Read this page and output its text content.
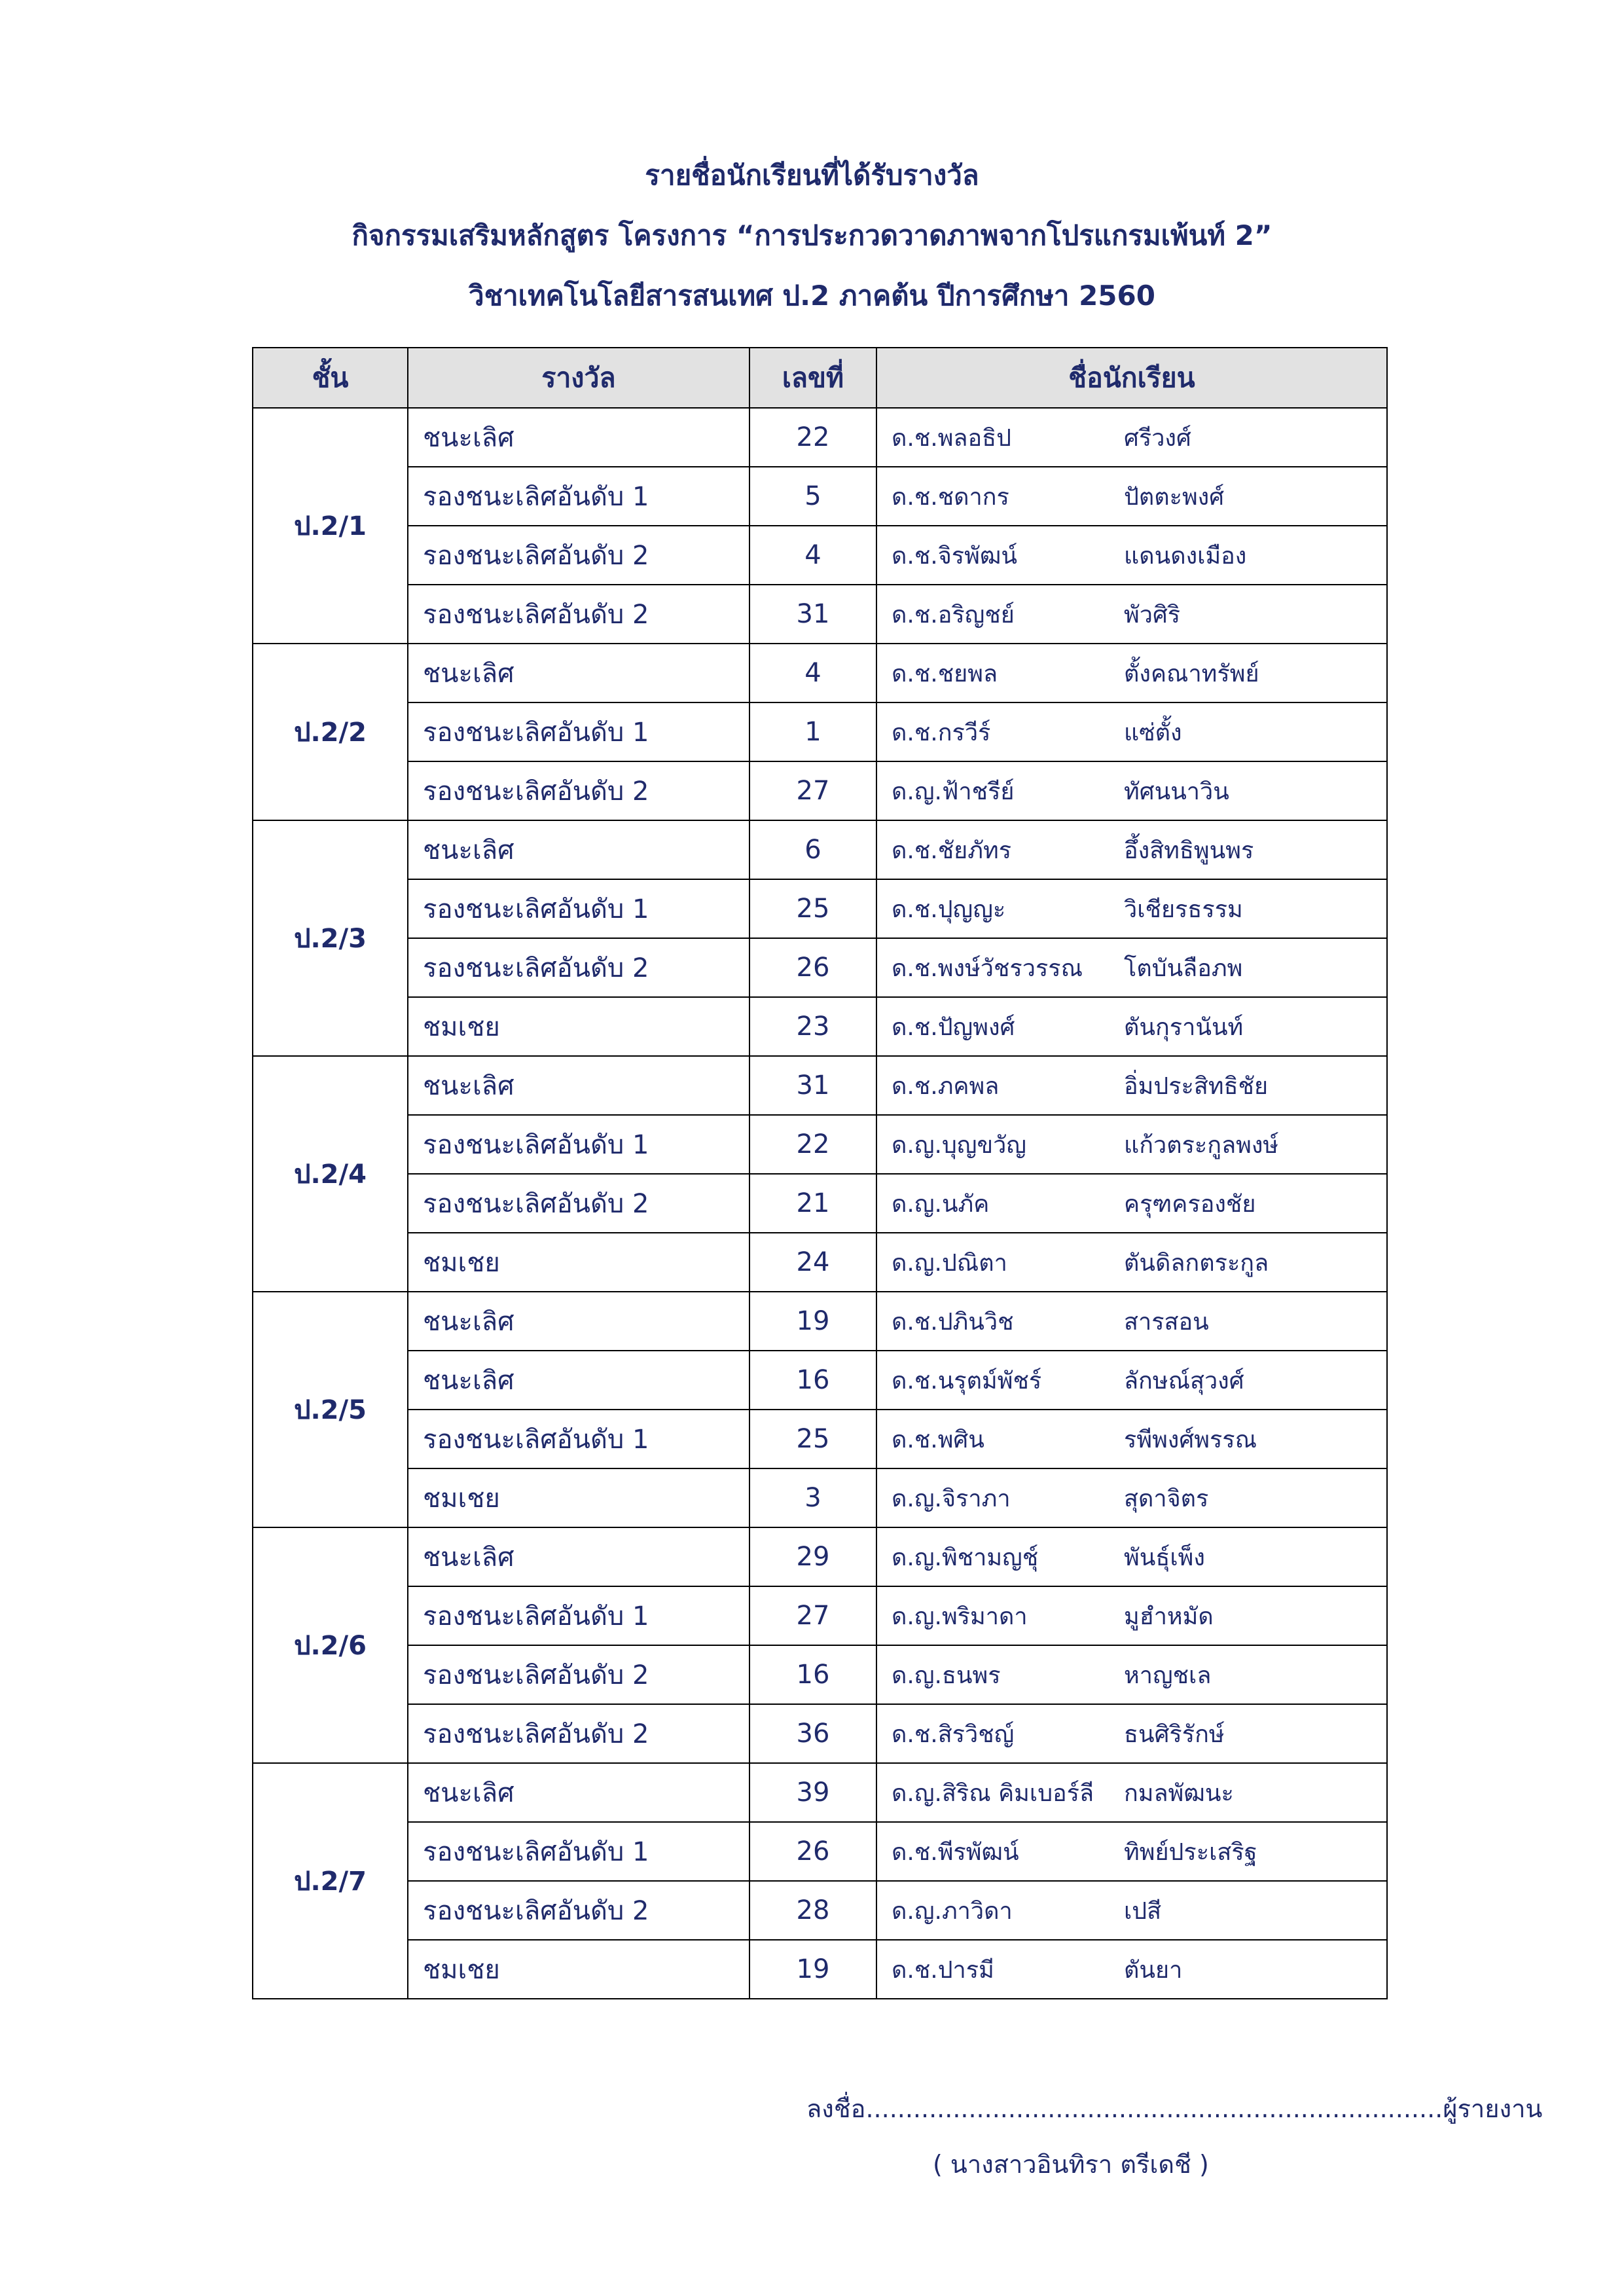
รายชื่อนักเรียนที่ได้รับรางวัล
กิจกรรมเสริมหลักสูตร โครงการ “การประกวดวาดภาพจากโปรแกรมเพ้นท์ 2”
วิชาเทคโนโลยีสารสนเทศ ป.2 ภาคต้น ปีการศึกษา 2560
ชั้น	รางวัล	เลขที่	ชื่อนักเรียน
ป.2/1	ชนะเลิศ	22	ด.ช.พลอธิป ศรีวงศ์

	รองชนะเลิศอันดับ 1	5	ด.ช.ชดากร ปัตตะพงศ์

	รองชนะเลิศอันดับ 2	4	ด.ช.จิรพัฒน์ แดนดงเมือง

	รองชนะเลิศอันดับ 2	31	ด.ช.อริญชย์ พัวศิริ

ป.2/2	ชนะเลิศ	4	ด.ช.ชยพล ตั้งคณาทรัพย์

	รองชนะเลิศอันดับ 1	1	ด.ช.กรวีร์ แซ่ตั้ง

	รองชนะเลิศอันดับ 2	27	ด.ญ.ฟ้าชรีย์ ทัศนนาวิน

ป.2/3	ชนะเลิศ	6	ด.ช.ชัยภัทร อึ้งสิทธิพูนพร

	รองชนะเลิศอันดับ 1	25	ด.ช.ปุญญะ วิเชียรธรรม

	รองชนะเลิศอันดับ 2	26	ด.ช.พงษ์วัชรวรรณ โตบันลือภพ

	ชมเชย	23	ด.ช.ปัญพงศ์ ตันกุรานันท์

ป.2/4	ชนะเลิศ	31	ด.ช.ภคพล อิ่มประสิทธิชัย

	รองชนะเลิศอันดับ 1	22	ด.ญ.บุญขวัญ แก้วตระกูลพงษ์

	รองชนะเลิศอันดับ 2	21	ด.ญ.นภัค ครุฑครองชัย

	ชมเชย	24	ด.ญ.ปณิตา ตันดิลกตระกูล

ป.2/5	ชนะเลิศ	19	ด.ช.ปภินวิช สารสอน

	ชนะเลิศ	16	ด.ช.นรุตม์พัชร์ ลักษณ์สุวงศ์

	รองชนะเลิศอันดับ 1	25	ด.ช.พศิน รพีพงศ์พรรณ

	ชมเชย	3	ด.ญ.จิราภา สุดาจิตร

ป.2/6	ชนะเลิศ	29	ด.ญ.พิชามญชุ์ พันธุ์เพ็ง

	รองชนะเลิศอันดับ 1	27	ด.ญ.พริมาดา มูฮำหมัด

	รองชนะเลิศอันดับ 2	16	ด.ญ.ธนพร หาญชเล

	รองชนะเลิศอันดับ 2	36	ด.ช.สิรวิชญ์ ธนศิริรักษ์

ป.2/7	ชนะเลิศ	39	ด.ญ.สิริณ คิมเบอร์ลี กมลพัฒนะ

	รองชนะเลิศอันดับ 1	26	ด.ช.พีรพัฒน์ ทิพย์ประเสริฐ

	รองชนะเลิศอันดับ 2	28	ด.ญ.ภาวิดา เปสี

	ชมเชย	19	ด.ช.ปารมี ตันยา
ลงชื่อ.........................................................................ผู้รายงาน
( นางสาวอินทิรา ตรีเดชี )
